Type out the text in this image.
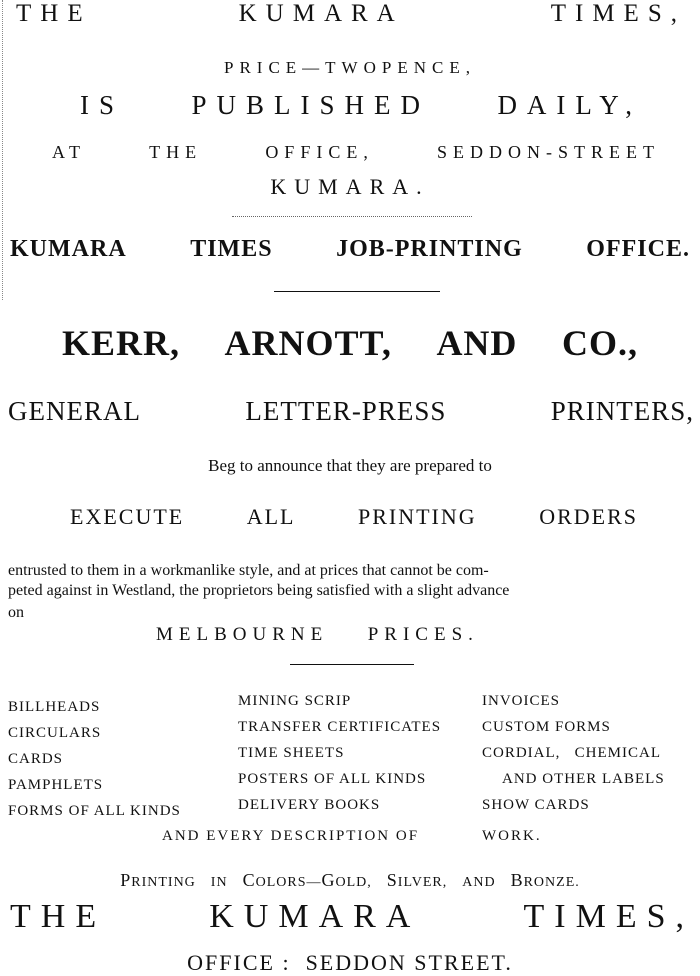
THE	KUMARA	TIMES,
PRICE—TWOPENCE,
IS PUBLISHED DAILY,
AT	THE	OFFICE,	SEDDON-STREET
KUMARA.
KUMARA	TIMES	JOB-PRINTING	OFFICE.
KERR, ARNOTT, AND CO.,
GENERAL	LETTER-PRESS	PRINTERS,
Beg to announce that they are prepared to
EXECUTE	ALL	PRINTING	ORDERS
entrusted to them in a workmanlike style, and at prices that cannot be com-
peted against in Westland, the proprietors being satisfied with a slight advance
on
MELBOURNE PRICES.
BILLHEADS
CIRCULARS
CARDS
PAMPHLETS
FORMS OF ALL KINDS
MINING SCRIP
TRANSFER CERTIFICATES
TIME SHEETS
POSTERS OF ALL KINDS
DELIVERY BOOKS
INVOICES
CUSTOM FORMS
CORDIAL,   CHEMICAL
AND OTHER LABELS
SHOW CARDS
AND EVERY DESCRIPTION OF	WORK.
PRINTING IN COLORS—GOLD, SILVER, AND BRONZE.
THE	KUMARA	TIMES,
OFFICE :  SEDDON STREET.
